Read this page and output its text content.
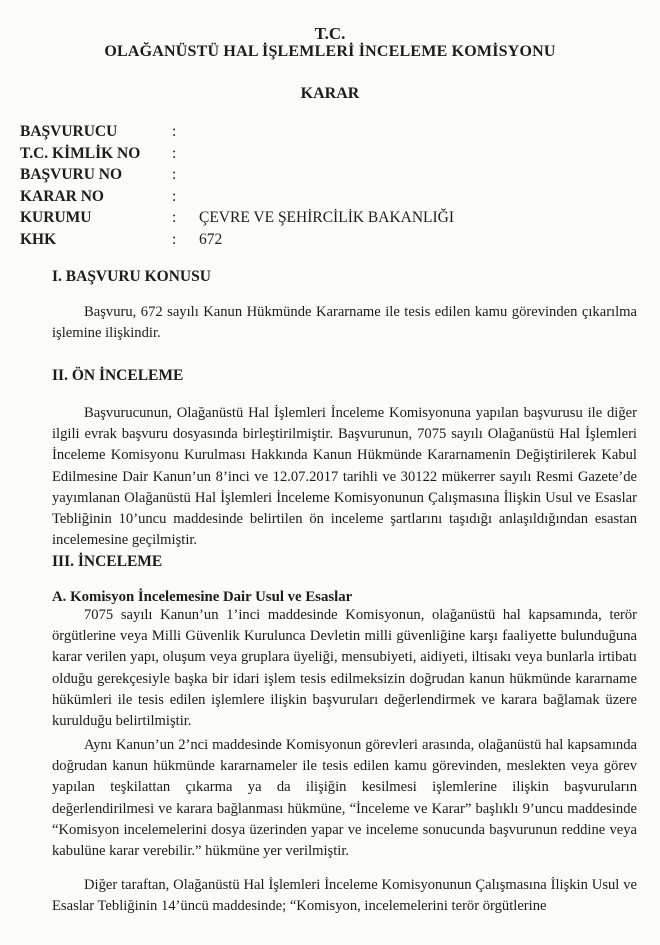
T.C.
OLAĞANÜSTÜ HAL İŞLEMLERİ İNCELEME KOMİSYONU
KARAR
BAŞVURUCU	:
T.C. KİMLİK NO :
BAŞVURU NO	:
KARAR NO	:
KURUMU	: ÇEVRE VE ŞEHİRCİLİK BAKANLIĞI
KHK	: 672
I. BAŞVURU KONUSU

Başvuru, 672 sayılı Kanun Hükmünde Kararname ile tesis edilen kamu görevinden çıkarılma işlemine ilişkindir.

II. ÖN İNCELEME

Başvurucunun, Olağanüstü Hal İşlemleri İnceleme Komisyonuna yapılan başvurusu ile diğer ilgili evrak başvuru dosyasında birleştirilmiştir. Başvurunun, 7075 sayılı Olağanüstü Hal İşlemleri İnceleme Komisyonu Kurulması Hakkında Kanun Hükmünde Kararnamenin Değiştirilerek Kabul Edilmesine Dair Kanun’un 8’inci ve 12.07.2017 tarihli ve 30122 mükerrer sayılı Resmi Gazete’de yayımlanan Olağanüstü Hal İşlemleri İnceleme Komisyonunun Çalışmasına İlişkin Usul ve Esaslar Tebliğinin 10’uncu maddesinde belirtilen ön inceleme şartlarını taşıdığı anlaşıldığından esastan incelemesine geçilmiştir.

III. İNCELEME
A. Komisyon İncelemesine Dair Usul ve Esaslar

7075 sayılı Kanun’un 1’inci maddesinde Komisyonun, olağanüstü hal kapsamında, terör örgütlerine veya Milli Güvenlik Kurulunca Devletin milli güvenliğine karşı faaliyette bulunduğuna karar verilen yapı, oluşum veya gruplara üyeliği, mensubiyeti, aidiyeti, iltisakı veya bunlarla irtibatı olduğu gerekçesiyle başka bir idari işlem tesis edilmeksizin doğrudan kanun hükmünde kararname hükümleri ile tesis edilen işlemlere ilişkin başvuruları değerlendirmek ve karara bağlamak üzere kurulduğu belirtilmiştir.

Aynı Kanun’un 2’nci maddesinde Komisyonun görevleri arasında, olağanüstü hal kapsamında doğrudan kanun hükmünde kararnameler ile tesis edilen kamu görevinden, meslekten veya görev yapılan teşkilattan çıkarma ya da ilişiğin kesilmesi işlemlerine ilişkin başvuruların değerlendirilmesi ve karara bağlanması hükmüne, “İnceleme ve Karar” başlıklı 9’uncu maddesinde “Komisyon incelemelerini dosya üzerinden yapar ve inceleme sonucunda başvurunun reddine veya kabulüne karar verebilir.” hükmüne yer verilmiştir.

Diğer taraftan, Olağanüstü Hal İşlemleri İnceleme Komisyonunun Çalışmasına İlişkin Usul ve Esaslar Tebliğinin 14’üncü maddesinde; “Komisyon, incelemelerini terör örgütlerine
